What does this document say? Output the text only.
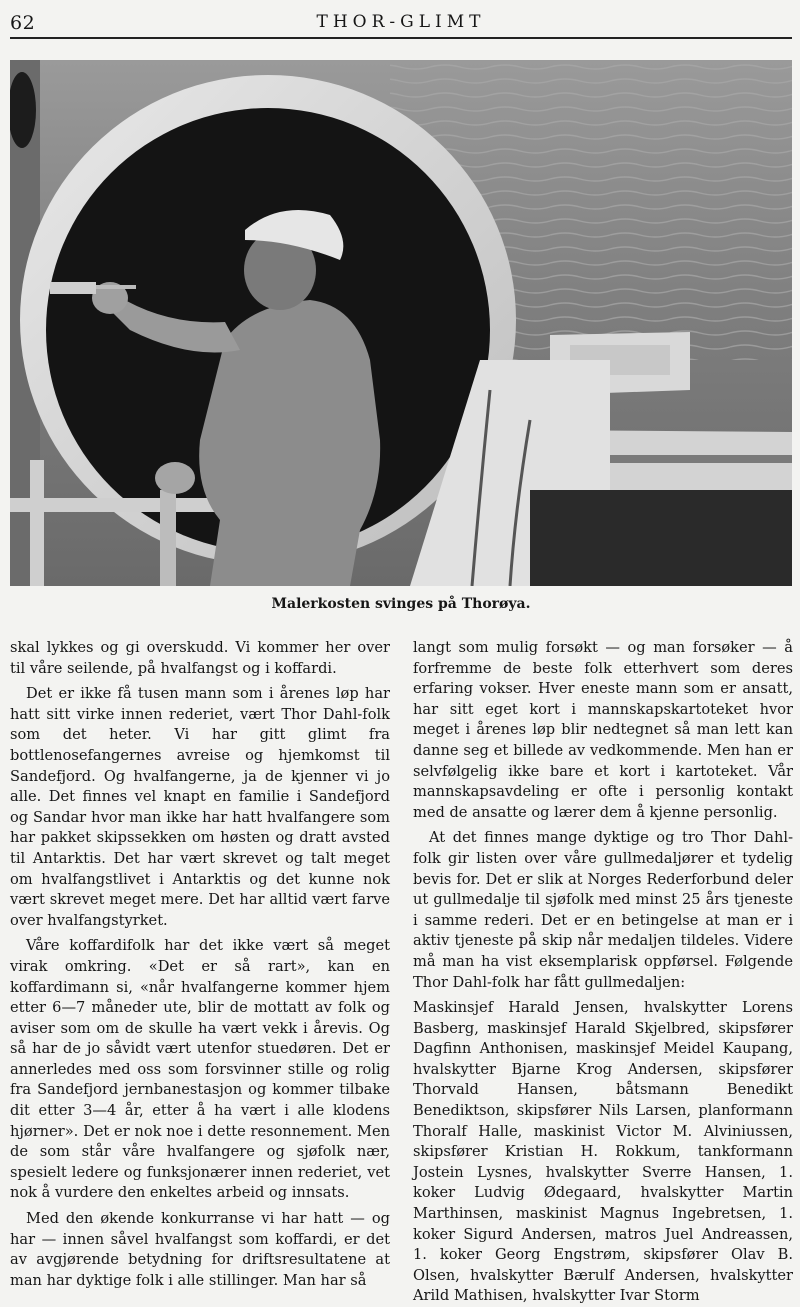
62	THOR-GLIMT
Malerkosten svinges på Thorøya.

skal lykkes og gi overskudd. Vi kommer her over til våre seilende, på hvalfangst og i koffardi.

Det er ikke få tusen mann som i årenes løp har hatt sitt virke innen rederiet, vært Thor Dahl-folk som det heter. Vi har gitt glimt fra bottlenosefangernes avreise og hjemkomst til Sandefjord. Og hvalfangerne, ja de kjenner vi jo alle. Det finnes vel knapt en familie i Sandefjord og Sandar hvor man ikke har hatt hvalfangere som har pakket skipssekken om høsten og dratt avsted til Antarktis. Det har vært skrevet og talt meget om hvalfangstlivet i Antarktis og det kunne nok vært skrevet meget mere. Det har alltid vært farve over hvalfangstyrket.

Våre koffardifolk har det ikke vært så meget virak omkring. «Det er så rart», kan en koffardimann si, «når hvalfangerne kommer hjem etter 6—7 måneder ute, blir de mottatt av folk og aviser som om de skulle ha vært vekk i årevis. Og så har de jo såvidt vært utenfor stuedøren. Det er annerledes med oss som forsvinner stille og rolig fra Sandefjord jernbanestasjon og kommer tilbake dit etter 3—4 år, etter å ha vært i alle klodens hjørner». Det er nok noe i dette resonnement. Men de som står våre hvalfangere og sjøfolk nær, spesielt ledere og funksjonærer innen rederiet, vet nok å vurdere den enkeltes arbeid og innsats.

Med den økende konkurranse vi har hatt — og har — innen såvel hvalfangst som koffardi, er det av avgjørende betydning for driftsresultatene at man har dyktige folk i alle stillinger. Man har så

langt som mulig forsøkt — og man forsøker — å forfremme de beste folk etterhvert som deres erfaring vokser. Hver eneste mann som er ansatt, har sitt eget kort i mannskapskartoteket hvor meget i årenes løp blir nedtegnet så man lett kan danne seg et billede av vedkommende. Men han er selvfølgelig ikke bare et kort i kartoteket. Vår mannskapsavdeling er ofte i personlig kontakt med de ansatte og lærer dem å kjenne personlig.

At det finnes mange dyktige og tro Thor Dahl-folk gir listen over våre gullmedaljører et tydelig bevis for. Det er slik at Norges Rederforbund deler ut gullmedalje til sjøfolk med minst 25 års tjeneste i samme rederi. Det er en betingelse at man er i aktiv tjeneste på skip når medaljen tildeles. Videre må man ha vist eksemplarisk oppførsel. Følgende Thor Dahl-folk har fått gullmedaljen:

Maskinsjef Harald Jensen, hvalskytter Lorens Basberg, maskinsjef Harald Skjelbred, skipsfører Dagfinn Anthonisen, maskinsjef Meidel Kaupang, hvalskytter Bjarne Krog Andersen, skipsfører Thorvald Hansen, båtsmann Benedikt Benediktson, skipsfører Nils Larsen, planformann Thoralf Halle, maskinist Victor M. Alviniussen, skipsfører Kristian H. Rokkum, tankformann Jostein Lysnes, hvalskytter Sverre Hansen, 1. koker Ludvig Ødegaard, hvalskytter Martin Marthinsen, maskinist Magnus Ingebretsen, 1. koker Sigurd Andersen, matros Juel Andreassen, 1. koker Georg Engstrøm, skipsfører Olav B. Olsen, hvalskytter Bærulf Andersen, hvalskytter Arild Mathisen, hvalskytter Ivar Storm
